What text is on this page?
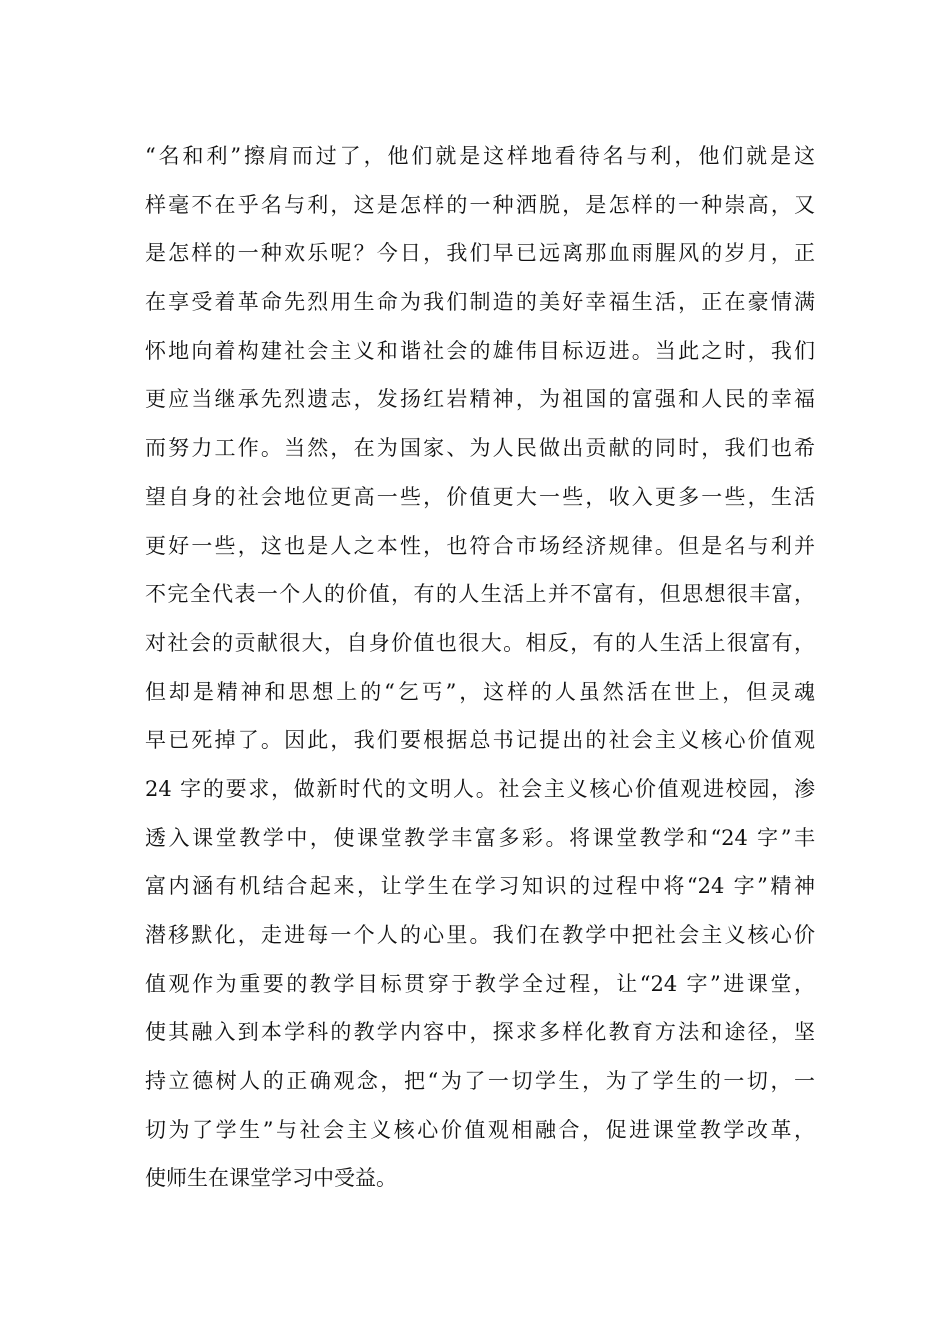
“名和利”擦肩而过了，他们就是这样地看待名与利，他们就是这
样毫不在乎名与利，这是怎样的一种洒脱，是怎样的一种崇高，又
是怎样的一种欢乐呢？今日，我们早已远离那血雨腥风的岁月，正
在享受着革命先烈用生命为我们制造的美好幸福生活，正在豪情满
怀地向着构建社会主义和谐社会的雄伟目标迈进。当此之时，我们
更应当继承先烈遗志，发扬红岩精神，为祖国的富强和人民的幸福
而努力工作。当然，在为国家、为人民做出贡献的同时，我们也希
望自身的社会地位更高一些，价值更大一些，收入更多一些，生活
更好一些，这也是人之本性，也符合市场经济规律。但是名与利并
不完全代表一个人的价值，有的人生活上并不富有，但思想很丰富，
对社会的贡献很大，自身价值也很大。相反，有的人生活上很富有，
但却是精神和思想上的“乞丐”，这样的人虽然活在世上，但灵魂
早已死掉了。因此，我们要根据总书记提出的社会主义核心价值观
24 字的要求，做新时代的文明人。社会主义核心价值观进校园，渗
透入课堂教学中，使课堂教学丰富多彩。将课堂教学和“24 字”丰
富内涵有机结合起来，让学生在学习知识的过程中将“24 字”精神
潜移默化，走进每一个人的心里。我们在教学中把社会主义核心价
值观作为重要的教学目标贯穿于教学全过程，让“24 字”进课堂，
使其融入到本学科的教学内容中，探求多样化教育方法和途径，坚
持立德树人的正确观念，把“为了一切学生，为了学生的一切，一
切为了学生”与社会主义核心价值观相融合，促进课堂教学改革，
使师生在课堂学习中受益。
